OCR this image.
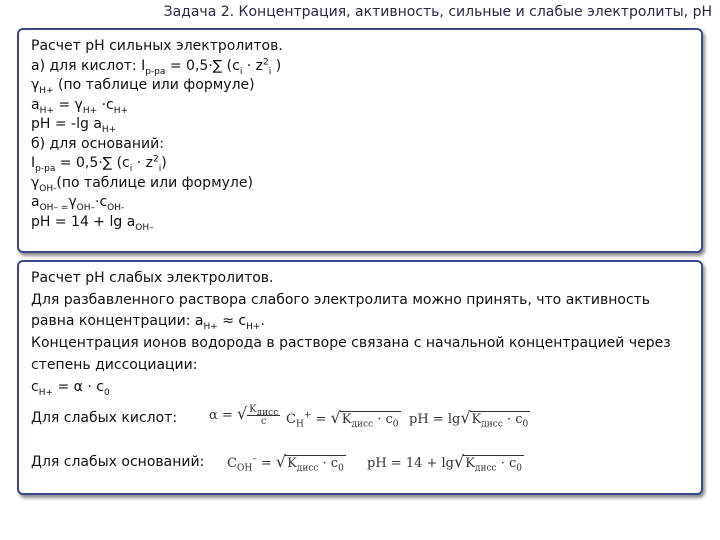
Задача 2. Концентрация, активность, сильные и слабые электролиты, pH
Расчет pH сильных электролитов.
а) для кислот: $I_{р-ра} = 0,5\cdot\sum$ ($c_i \cdot z^2_i$ )
$\gamma_{H+}$ (по таблице или формуле)
$a_{H+} = \gamma_{H+} \cdot c_{H+}$
pH = -lg $a_{H+}$
б) для оснований:
$I_{р-ра} = 0,5\cdot\sum$ $(c_i \cdot z^2_i)$
$\gamma_{OH-}(по$ таблице или формуле)
$a_{OH- =}\gamma_{OH-}\cdot c_{OH-}$
pH = $14 + \lg a_{OH-}$
Расчет pH слабых электролитов.
Для разбавленного раствора слабого электролита можно принять, что активность
равна концентрации: $a_{H+} \approx c_{H+}$.
Концентрация ионов водорода в растворе связана с начальной концентрацией через
степень диссоциации:
$c_{H+} = \alpha \cdot c_0$
Для слабых кислот: α = √ $\frac{K_{дисс}}{c} C_H^+ = √K_{дисс} \cdot c_0$ pH = $\lg√K_{дисс} \cdot c_0$
Для слабых оснований: $C_{OH}^- = √K_{дисс} \cdot c_0$ pH = $14 + \lg√K_{дисс} \cdot c_0$
